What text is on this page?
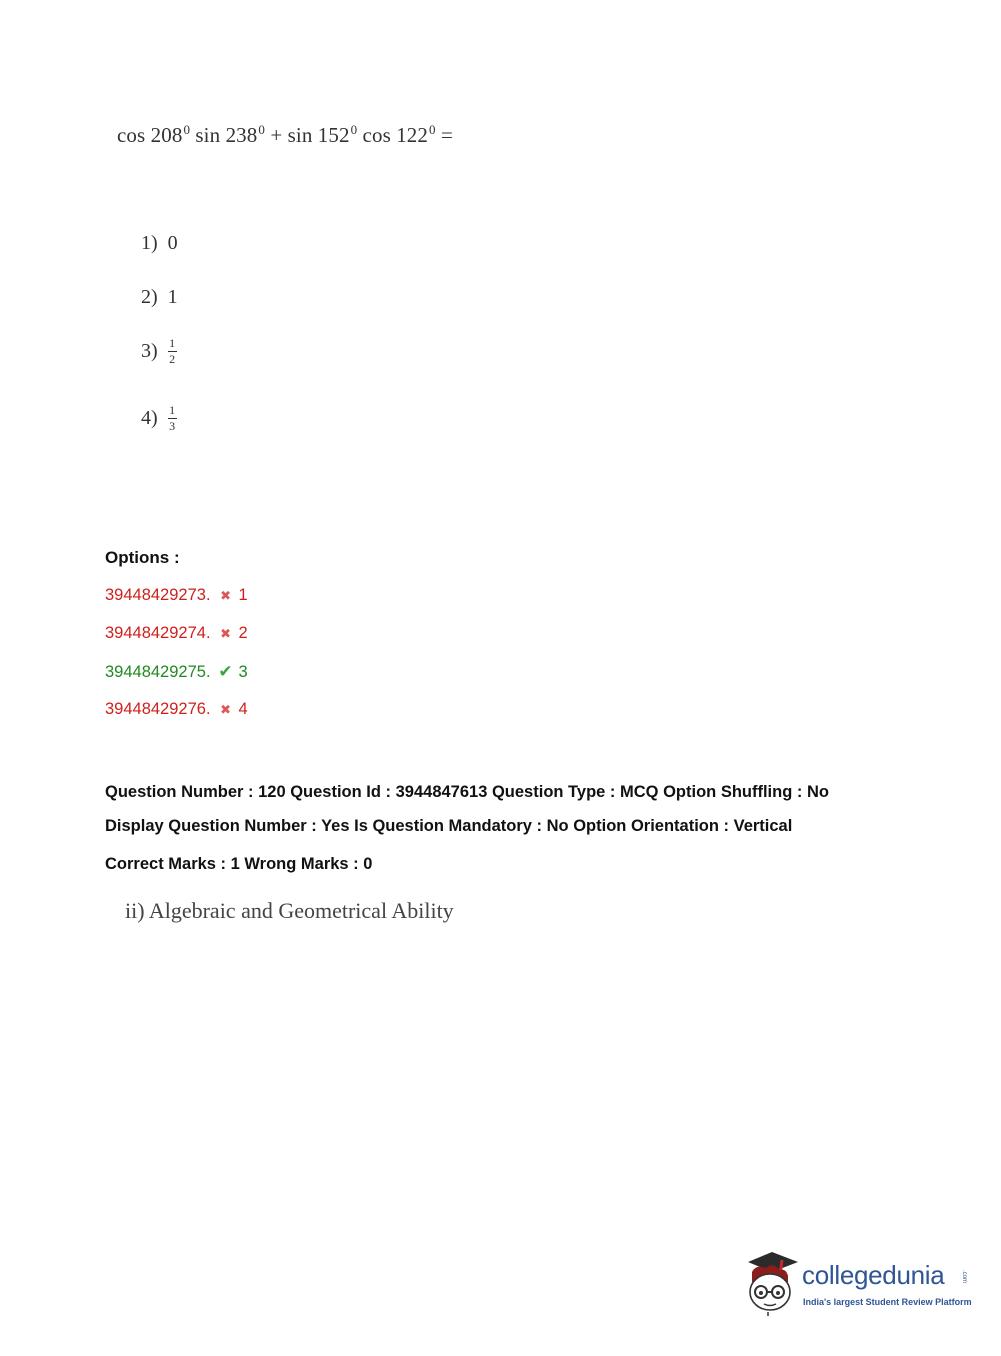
$\cos 208^0$ $\sin 238^0 + \sin 152^0$ $\cos 122^0$ =
1) 0
2) 1
$3) \frac{1}{2}$
$4) \frac{1}{3}$
Options :
39448429273. ✖ 1
39448429274. ✖ 2
39448429275. ✔ 3
39448429276. ✖ 4
Question Number : 120 Question Id : 3944847613 Question Type : MCQ Option Shuffling : No
Display Question Number : Yes Is Question Mandatory : No Option Orientation : Vertical
Correct Marks : 1 Wrong Marks : 0
ii) Algebraic and Geometrical Ability
collegedunia	.com
India's largest Student Review Platform
